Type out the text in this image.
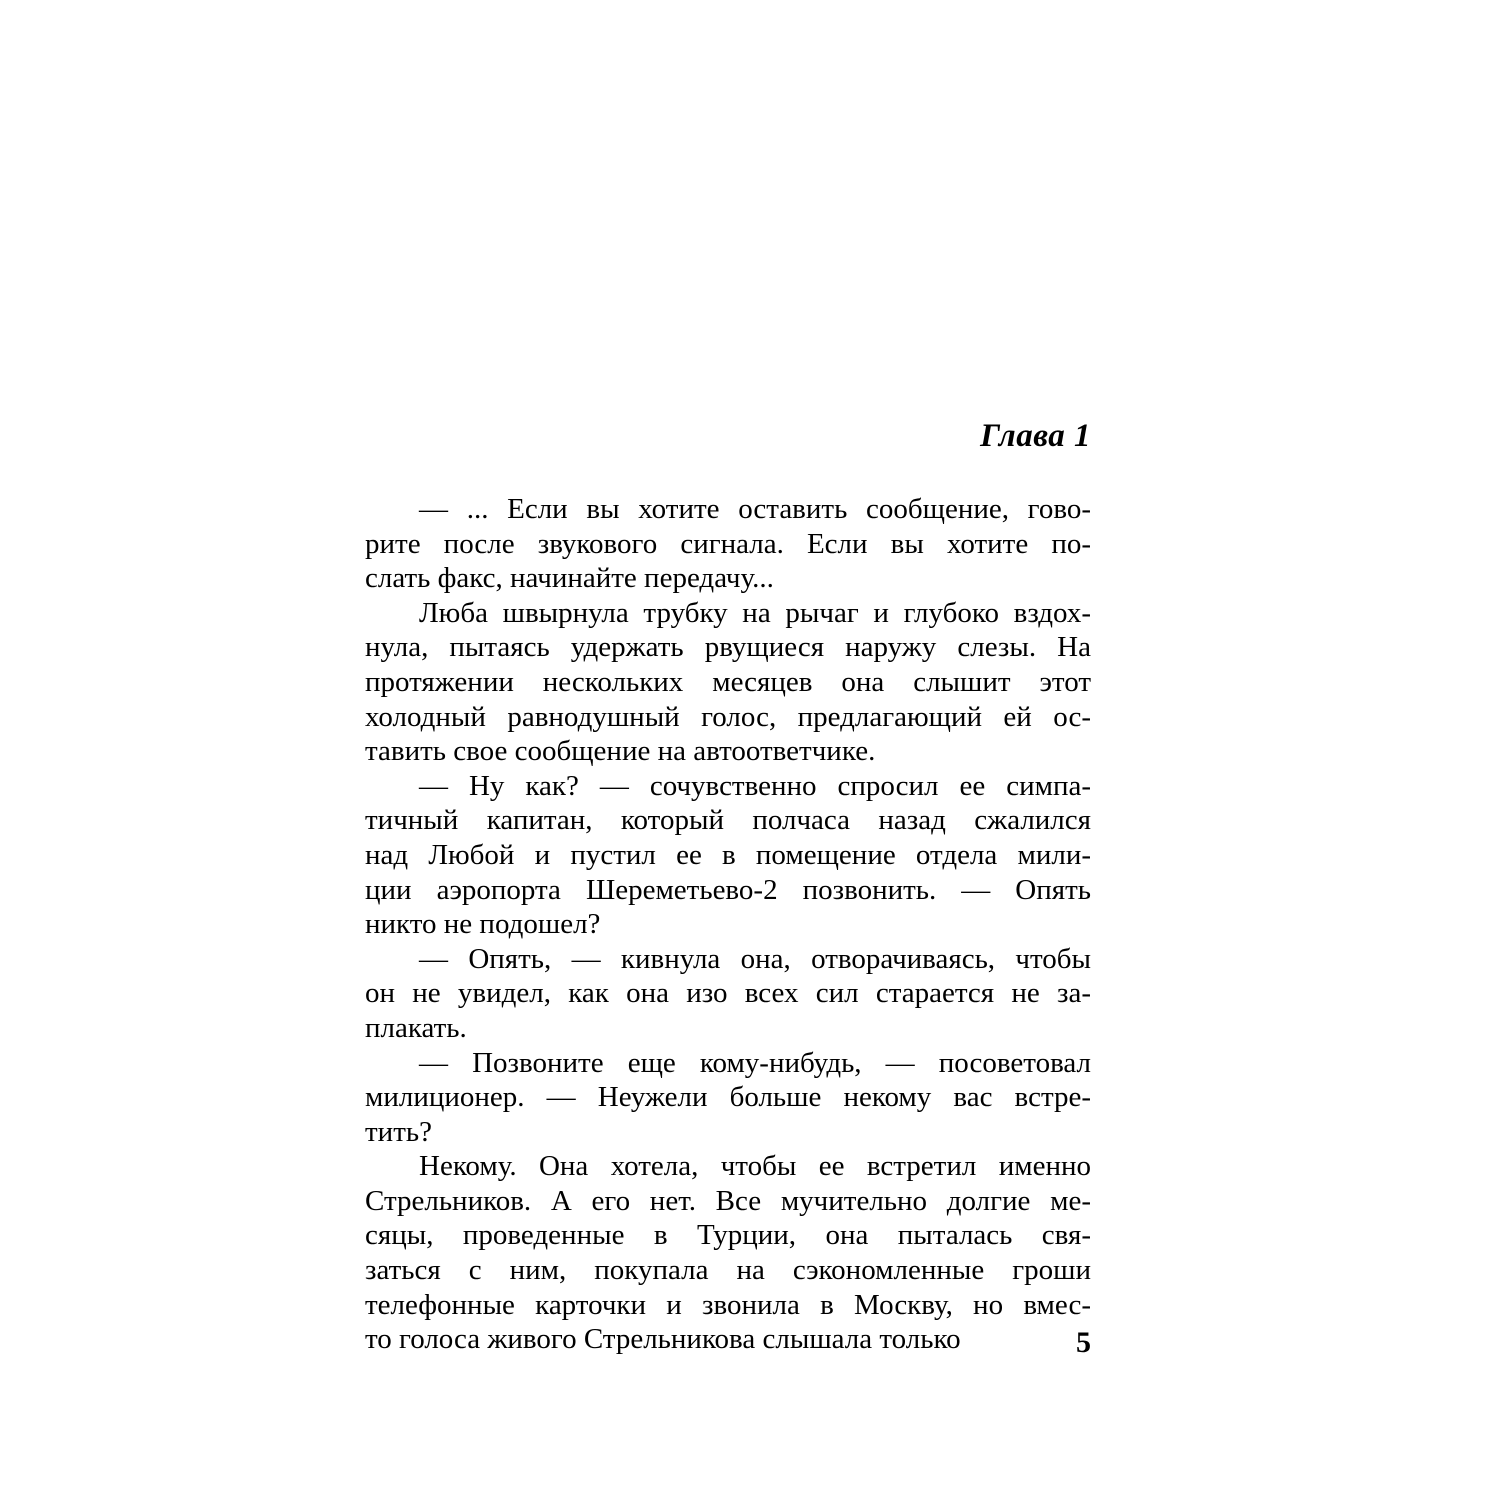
Глава 1
— ... Если вы хотите оставить сообщение, гово-
рите после звукового сигнала. Если вы хотите по-
слать факс, начинайте передачу...
Люба швырнула трубку на рычаг и глубоко вздох-
нула, пытаясь удержать рвущиеся наружу слезы. На
протяжении нескольких месяцев она слышит этот
холодный равнодушный голос, предлагающий ей ос-
тавить свое сообщение на автоответчике.
— Ну как? — сочувственно спросил ее симпа-
тичный капитан, который полчаса назад сжалился
над Любой и пустил ее в помещение отдела мили-
ции аэропорта Шереметьево-2 позвонить. — Опять
никто не подошел?
— Опять, — кивнула она, отворачиваясь, чтобы
он не увидел, как она изо всех сил старается не за-
плакать.
— Позвоните еще кому-нибудь, — посоветовал
милиционер. — Неужели больше некому вас встре-
тить?
Некому. Она хотела, чтобы ее встретил именно
Стрельников. А его нет. Все мучительно долгие ме-
сяцы, проведенные в Турции, она пыталась свя-
заться с ним, покупала на сэкономленные гроши
телефонные карточки и звонила в Москву, но вмес-
то голоса живого Стрельникова слышала только	5
